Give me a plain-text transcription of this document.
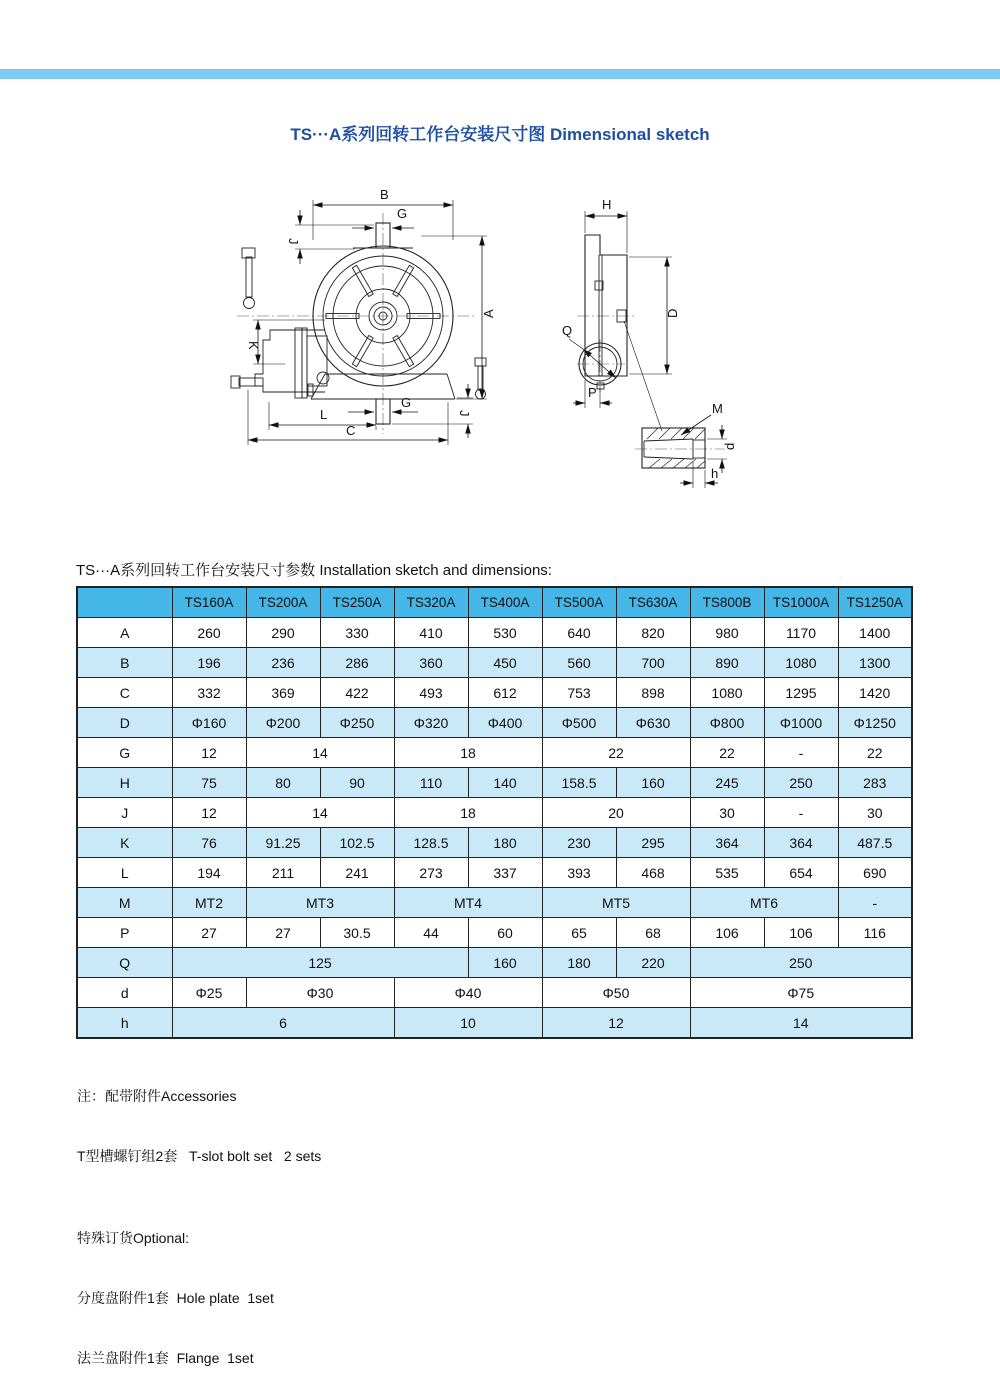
TS···A系列回转工作台安装尺寸图 Dimensional sketch
B
G
J
A
K
L
C
G
J
H
D
Q
P
M
d
h
TS···A系列回转工作台安装尺寸参数 Installation sketch and dimensions:
	TS160A	TS200A	TS250A	TS320A	TS400A	TS500A	TS630A	TS800B	TS1000A	TS1250A
A	260	290	330	410	530	640	820	980	1170	1400
B	196	236	286	360	450	560	700	890	1080	1300
C	332	369	422	493	612	753	898	1080	1295	1420
D	Φ160	Φ200	Φ250	Φ320	Φ400	Φ500	Φ630	Φ800	Φ1000	Φ1250
G	12	14		18		22		22	-	22
H	75	80	90	110	140	158.5	160	245	250	283
J	12	14		18		20		30	-	30
K	76	91.25	102.5	128.5	180	230	295	364	364	487.5
L	194	211	241	273	337	393	468	535	654	690
M	MT2	MT3		MT4		MT5		MT6		-
P	27	27	30.5	44	60	65	68	106	106	116
Q	125				160	180	220	250		
d	Φ25	Φ30		Φ40		Φ50		Φ75		
h	6			10		12		14		

注：配带附件Accessories

T型槽螺钉组2套   T-slot bolt set   2 sets

特殊订货Optional:

分度盘附件1套  Hole plate  1set

法兰盘附件1套  Flange  1set
